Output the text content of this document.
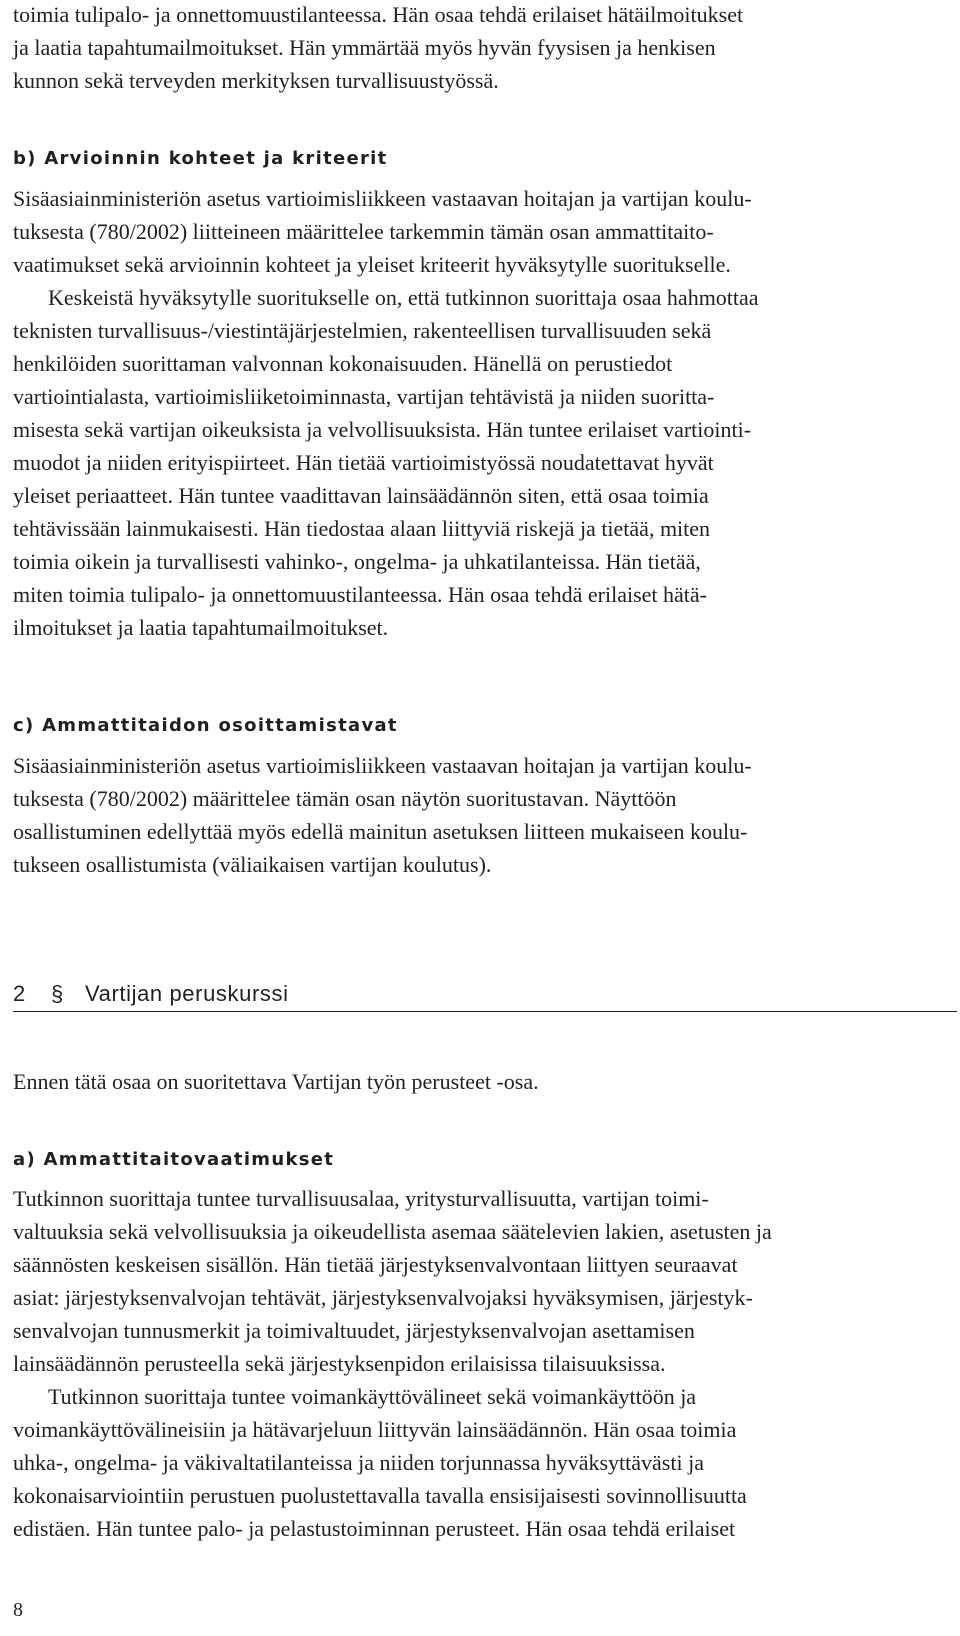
toimia tulipalo- ja onnettomuustilanteessa. Hän osaa tehdä erilaiset hätäilmoitukset

ja laatia tapahtumailmoitukset. Hän ymmärtää myös hyvän fyysisen ja henkisen

kunnon sekä terveyden merkityksen turvallisuustyössä.

b) Arvioinnin kohteet ja kriteerit

Sisäasiainministeriön asetus vartioimisliikkeen vastaavan hoitajan ja vartijan koulu-

tuksesta (780/2002) liitteineen määrittelee tarkemmin tämän osan ammattitaito-

vaatimukset sekä arvioinnin kohteet ja yleiset kriteerit hyväksytylle suoritukselle.

Keskeistä hyväksytylle suoritukselle on, että tutkinnon suorittaja osaa hahmottaa

teknisten turvallisuus-/viestintäjärjestelmien, rakenteellisen turvallisuuden sekä

henkilöiden suorittaman valvonnan kokonaisuuden. Hänellä on perustiedot

vartiointialasta, vartioimisliiketoiminnasta, vartijan tehtävistä ja niiden suoritta-

misesta sekä vartijan oikeuksista ja velvollisuuksista. Hän tuntee erilaiset vartiointi-

muodot ja niiden erityispiirteet. Hän tietää vartioimistyössä noudatettavat hyvät

yleiset periaatteet. Hän tuntee vaadittavan lainsäädännön siten, että osaa toimia

tehtävissään lainmukaisesti. Hän tiedostaa alaan liittyviä riskejä ja tietää, miten

toimia oikein ja turvallisesti vahinko-, ongelma- ja uhkatilanteissa. Hän tietää,

miten toimia tulipalo- ja onnettomuustilanteessa. Hän osaa tehdä erilaiset hätä-

ilmoitukset ja laatia tapahtumailmoitukset.

c) Ammattitaidon osoittamistavat

Sisäasiainministeriön asetus vartioimisliikkeen vastaavan hoitajan ja vartijan koulu-

tuksesta (780/2002) määrittelee tämän osan näytön suoritustavan. Näyttöön

osallistuminen edellyttää myös edellä mainitun asetuksen liitteen mukaiseen koulu-

tukseen osallistumista (väliaikaisen vartijan koulutus).

2 § Vartijan peruskurssi

Ennen tätä osaa on suoritettava Vartijan työn perusteet -osa.

a) Ammattitaitovaatimukset

Tutkinnon suorittaja tuntee turvallisuusalaa, yritysturvallisuutta, vartijan toimi-

valtuuksia sekä velvollisuuksia ja oikeudellista asemaa säätelevien lakien, asetusten ja

säännösten keskeisen sisällön. Hän tietää järjestyksenvalvontaan liittyen seuraavat

asiat: järjestyksenvalvojan tehtävät, järjestyksenvalvojaksi hyväksymisen, järjestyk-

senvalvojan tunnusmerkit ja toimivaltuudet, järjestyksenvalvojan asettamisen

lainsäädännön perusteella sekä järjestyksenpidon erilaisissa tilaisuuksissa.

Tutkinnon suorittaja tuntee voimankäyttövälineet sekä voimankäyttöön ja

voimankäyttövälineisiin ja hätävarjeluun liittyvän lainsäädännön. Hän osaa toimia

uhka-, ongelma- ja väkivaltatilanteissa ja niiden torjunnassa hyväksyttävästi ja

kokonaisarviointiin perustuen puolustettavalla tavalla ensisijaisesti sovinnollisuutta

edistäen. Hän tuntee palo- ja pelastustoiminnan perusteet. Hän osaa tehdä erilaiset

8
